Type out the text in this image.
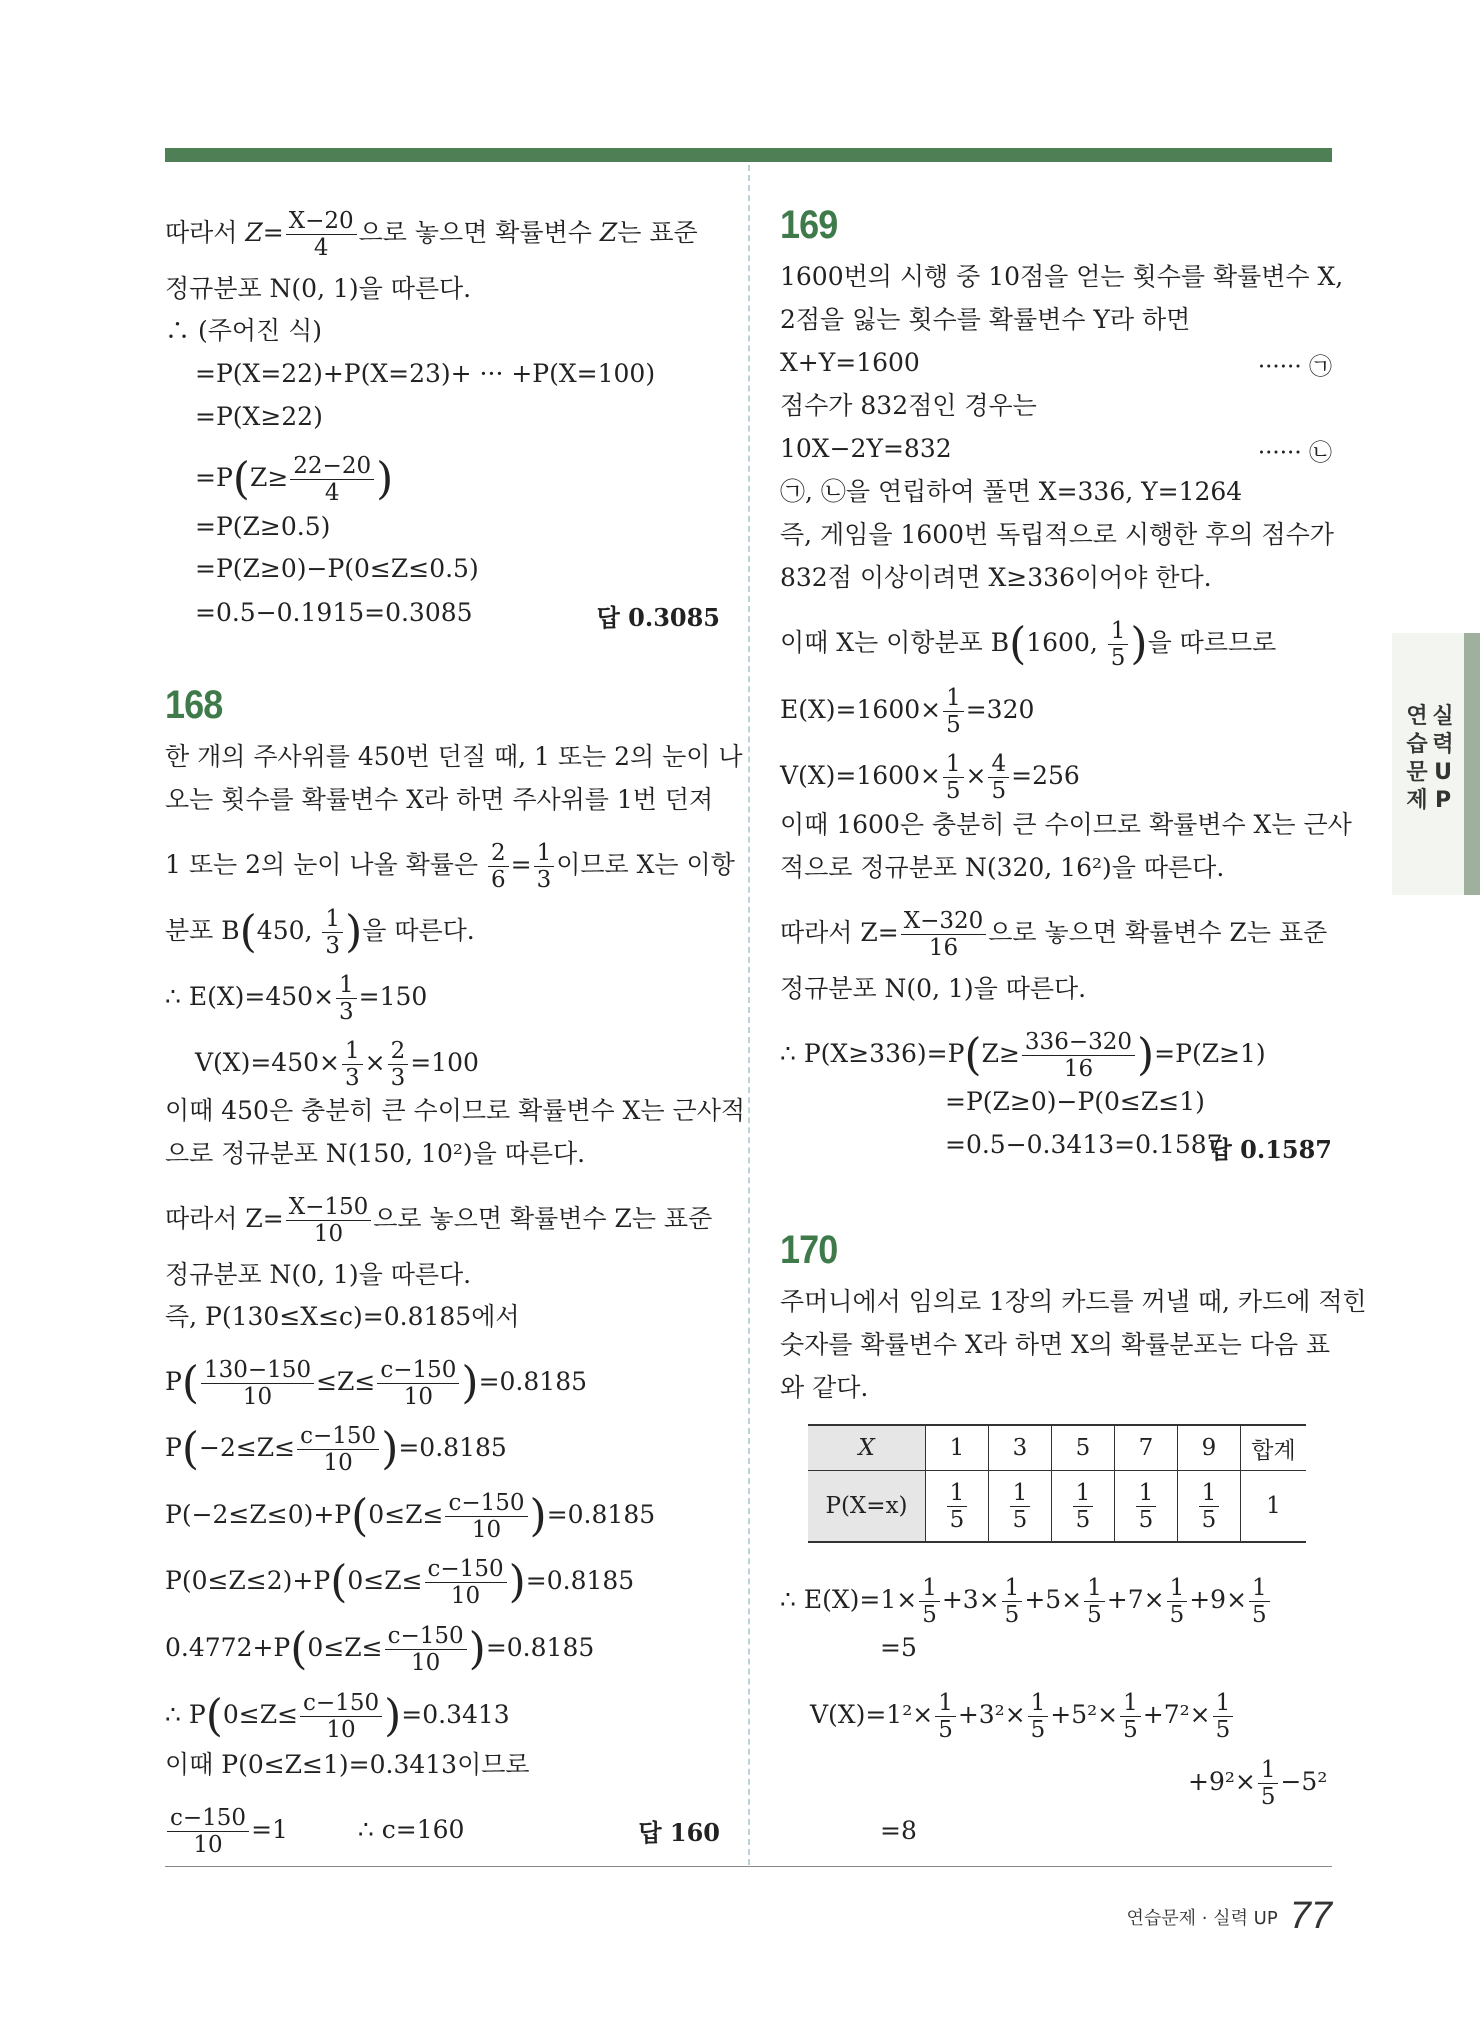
따라서 $Z= \frac{X-20}{4}$ 으로 놓으면 확률변수 Z는 표준
정규분포 N(0, 1)을 따른다.
∴ (주어진 식)
=P(X=22)+P(X=23)+ ··· +P(X=100)
=P(X≥22)
$=P(Z\ge \frac{22-20}{4}$ )
=P(Z≥0.5)
=P(Z≥0)−P(0≤Z≤0.5)
=0.5−0.1915=0.3085	답 0.3085
168
한 개의 주사위를 450번 던질 때, 1 또는 2의 눈이 나
오는 횟수를 확률변수 X라 하면 주사위를 1번 던져
1 또는 2의 눈이 나올 확률은 $\frac{2}{6} = \frac{1}{3}$ 이므로 X는 이항
분포 B(450, $\frac{1}{3}$ )을 따른다.
∴ $E(X)=450\times \frac{1}{3} =150$
$V(X)=450\times \frac{1}{3} \times \frac{2}{3} =100$
이때 450은 충분히 큰 수이므로 확률변수 X는 근사적
으로 정규분포 N(150, 10²)을 따른다.
따라서 $Z= \frac{X-150}{10}$ 으로 놓으면 확률변수 Z는 표준
정규분포 N(0, 1)을 따른다.
즉, P(130≤X≤c)=0.8185에서
$P( \frac{130-150}{10} \le Z\le \frac{c-150}{10} )=0.8185$
$P(-2\le Z\le \frac{c-150}{10} )=0.8185$
$P(-2\le Z\le 0)+P(0\le Z\le \frac{c-150}{10} )=0.8185$
$P(0\le Z\le 2)+P(0\le Z\le \frac{c-150}{10} )=0.8185$
$0.4772+P(0\le Z\le \frac{c-150}{10} )=0.8185$
∴ $P(0\le Z\le \frac{c-150}{10} )=0.3413$
이때 P(0≤Z≤1)=0.3413이므로
$\frac{c-150}{10} =1$	∴ c=160	답 160
169
1600번의 시행 중 10점을 얻는 횟수를 확률변수 X,
2점을 잃는 횟수를 확률변수 Y라 하면
X+Y=1600	······ ㉠
점수가 832점인 경우는
10X−2Y=832	······ ㉡
㉠, ㉡을 연립하여 풀면 X=336, Y=1264
즉, 게임을 1600번 독립적으로 시행한 후의 점수가
832점 이상이려면 X≥336이어야 한다.
이때 X는 이항분포 B(1600, $\frac{1}{5}$ )을 따르므로
$E(X)=1600\times \frac{1}{5} =320$
$V(X)=1600\times \frac{1}{5} \times \frac{4}{5} =256$
이때 1600은 충분히 큰 수이므로 확률변수 X는 근사
적으로 정규분포 N(320, 16²)을 따른다.
따라서 $Z= \frac{X-320}{16}$ 으로 놓으면 확률변수 Z는 표준
정규분포 N(0, 1)을 따른다.
∴ $P(X\ge 336)=P(Z\ge \frac{336-320}{16} )=P(Z\ge 1)$
=P(Z≥0)−P(0≤Z≤1)
=0.5−0.3413=0.1587
답 0.1587
170
주머니에서 임의로 1장의 카드를 꺼낼 때, 카드에 적힌
숫자를 확률변수 X라 하면 X의 확률분포는 다음 표
와 같다.
X	1	3	5	7	9	합계
P(X=x)	$\frac{1}{5}$	$\frac{1}{5}$	$\frac{1}{5}$	$\frac{1}{5}$	$\frac{1}{5}$	1
∴ $E(X)=1\times \frac{1}{5} +3\times \frac{1}{5} +5\times \frac{1}{5} +7\times \frac{1}{5} +9\times \frac{1}{5}$
=5
$V(X)=1^2\times \frac{1}{5} +3^2\times \frac{1}{5} +5^2\times \frac{1}{5} +7^2\times \frac{1}{5}$
$+9^2\times \frac{1}{5} -5^2$
=8
연 실
습 력
문 U
제 P
연습문제 · 실력 UP 77
